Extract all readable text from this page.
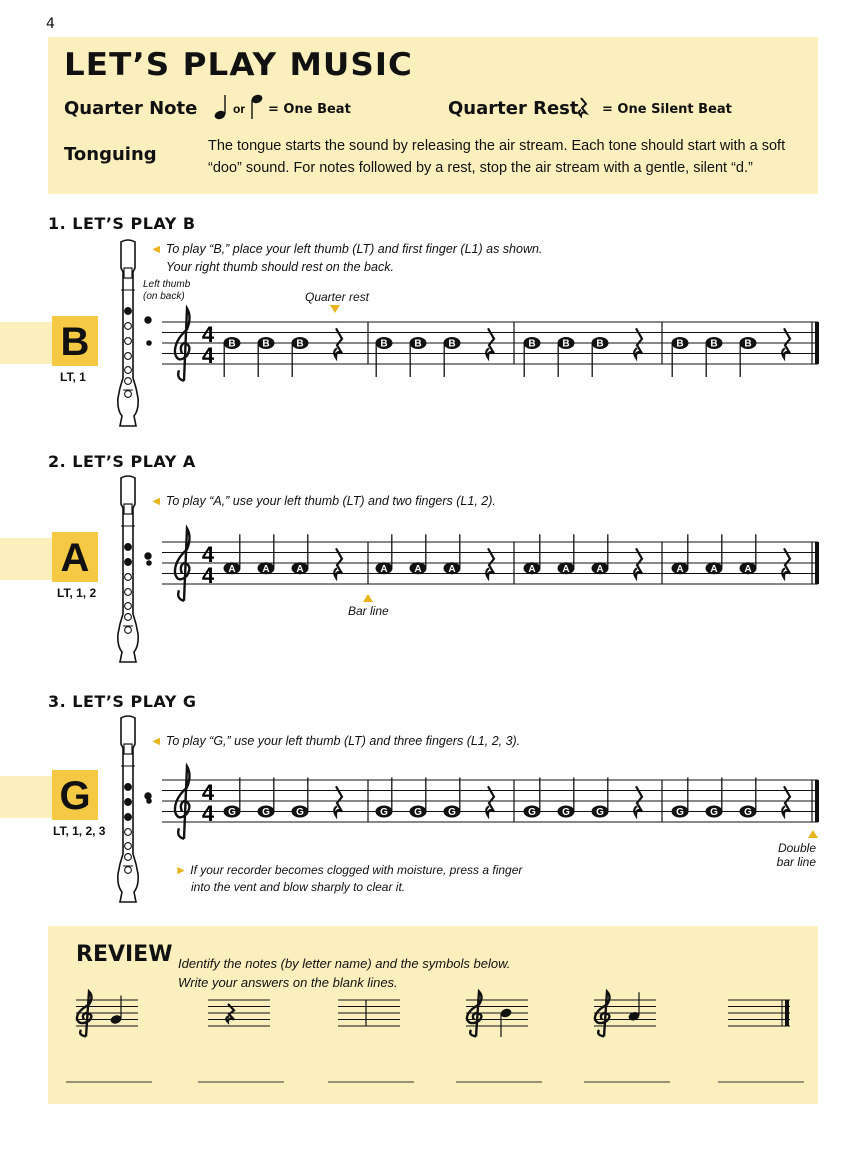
4
LET’S PLAY MUSIC
Quarter Note	or = One Beat	Quarter Rest = One Silent Beat
Tonguing	The tongue starts the sound by releasing the air stream. Each tone should start with a soft “doo” sound. For notes followed by a rest, stop the air stream with a gentle, silent “d.”
1. LET’S PLAY B
◄ To play “B,” place your left thumb (LT) and first finger (L1) as shown.
Your right thumb should rest on the back.
Left thumb
(on back)	Quarter rest
B
LT, 1
4
4 B	B	B	B	B	B	B	B	B	B	B	B
2. LET’S PLAY A
◄ To play “A,” use your left thumb (LT) and two fingers (L1, 2).
A
LT, 1, 2
4
4 A	A	A	A	A	A	A	A	A	A	A	A
Bar line
3. LET’S PLAY G
◄ To play “G,” use your left thumb (LT) and three fingers (L1, 2, 3).
G
LT, 1, 2, 3
4
4 G	G	G	G	G	G	G	G	G	G	G	G
Double
bar line
► If your recorder becomes clogged with moisture, press a finger
into the vent and blow sharply to clear it.
REVIEW Identify the notes (by letter name) and the symbols below.
Write your answers on the blank lines.
